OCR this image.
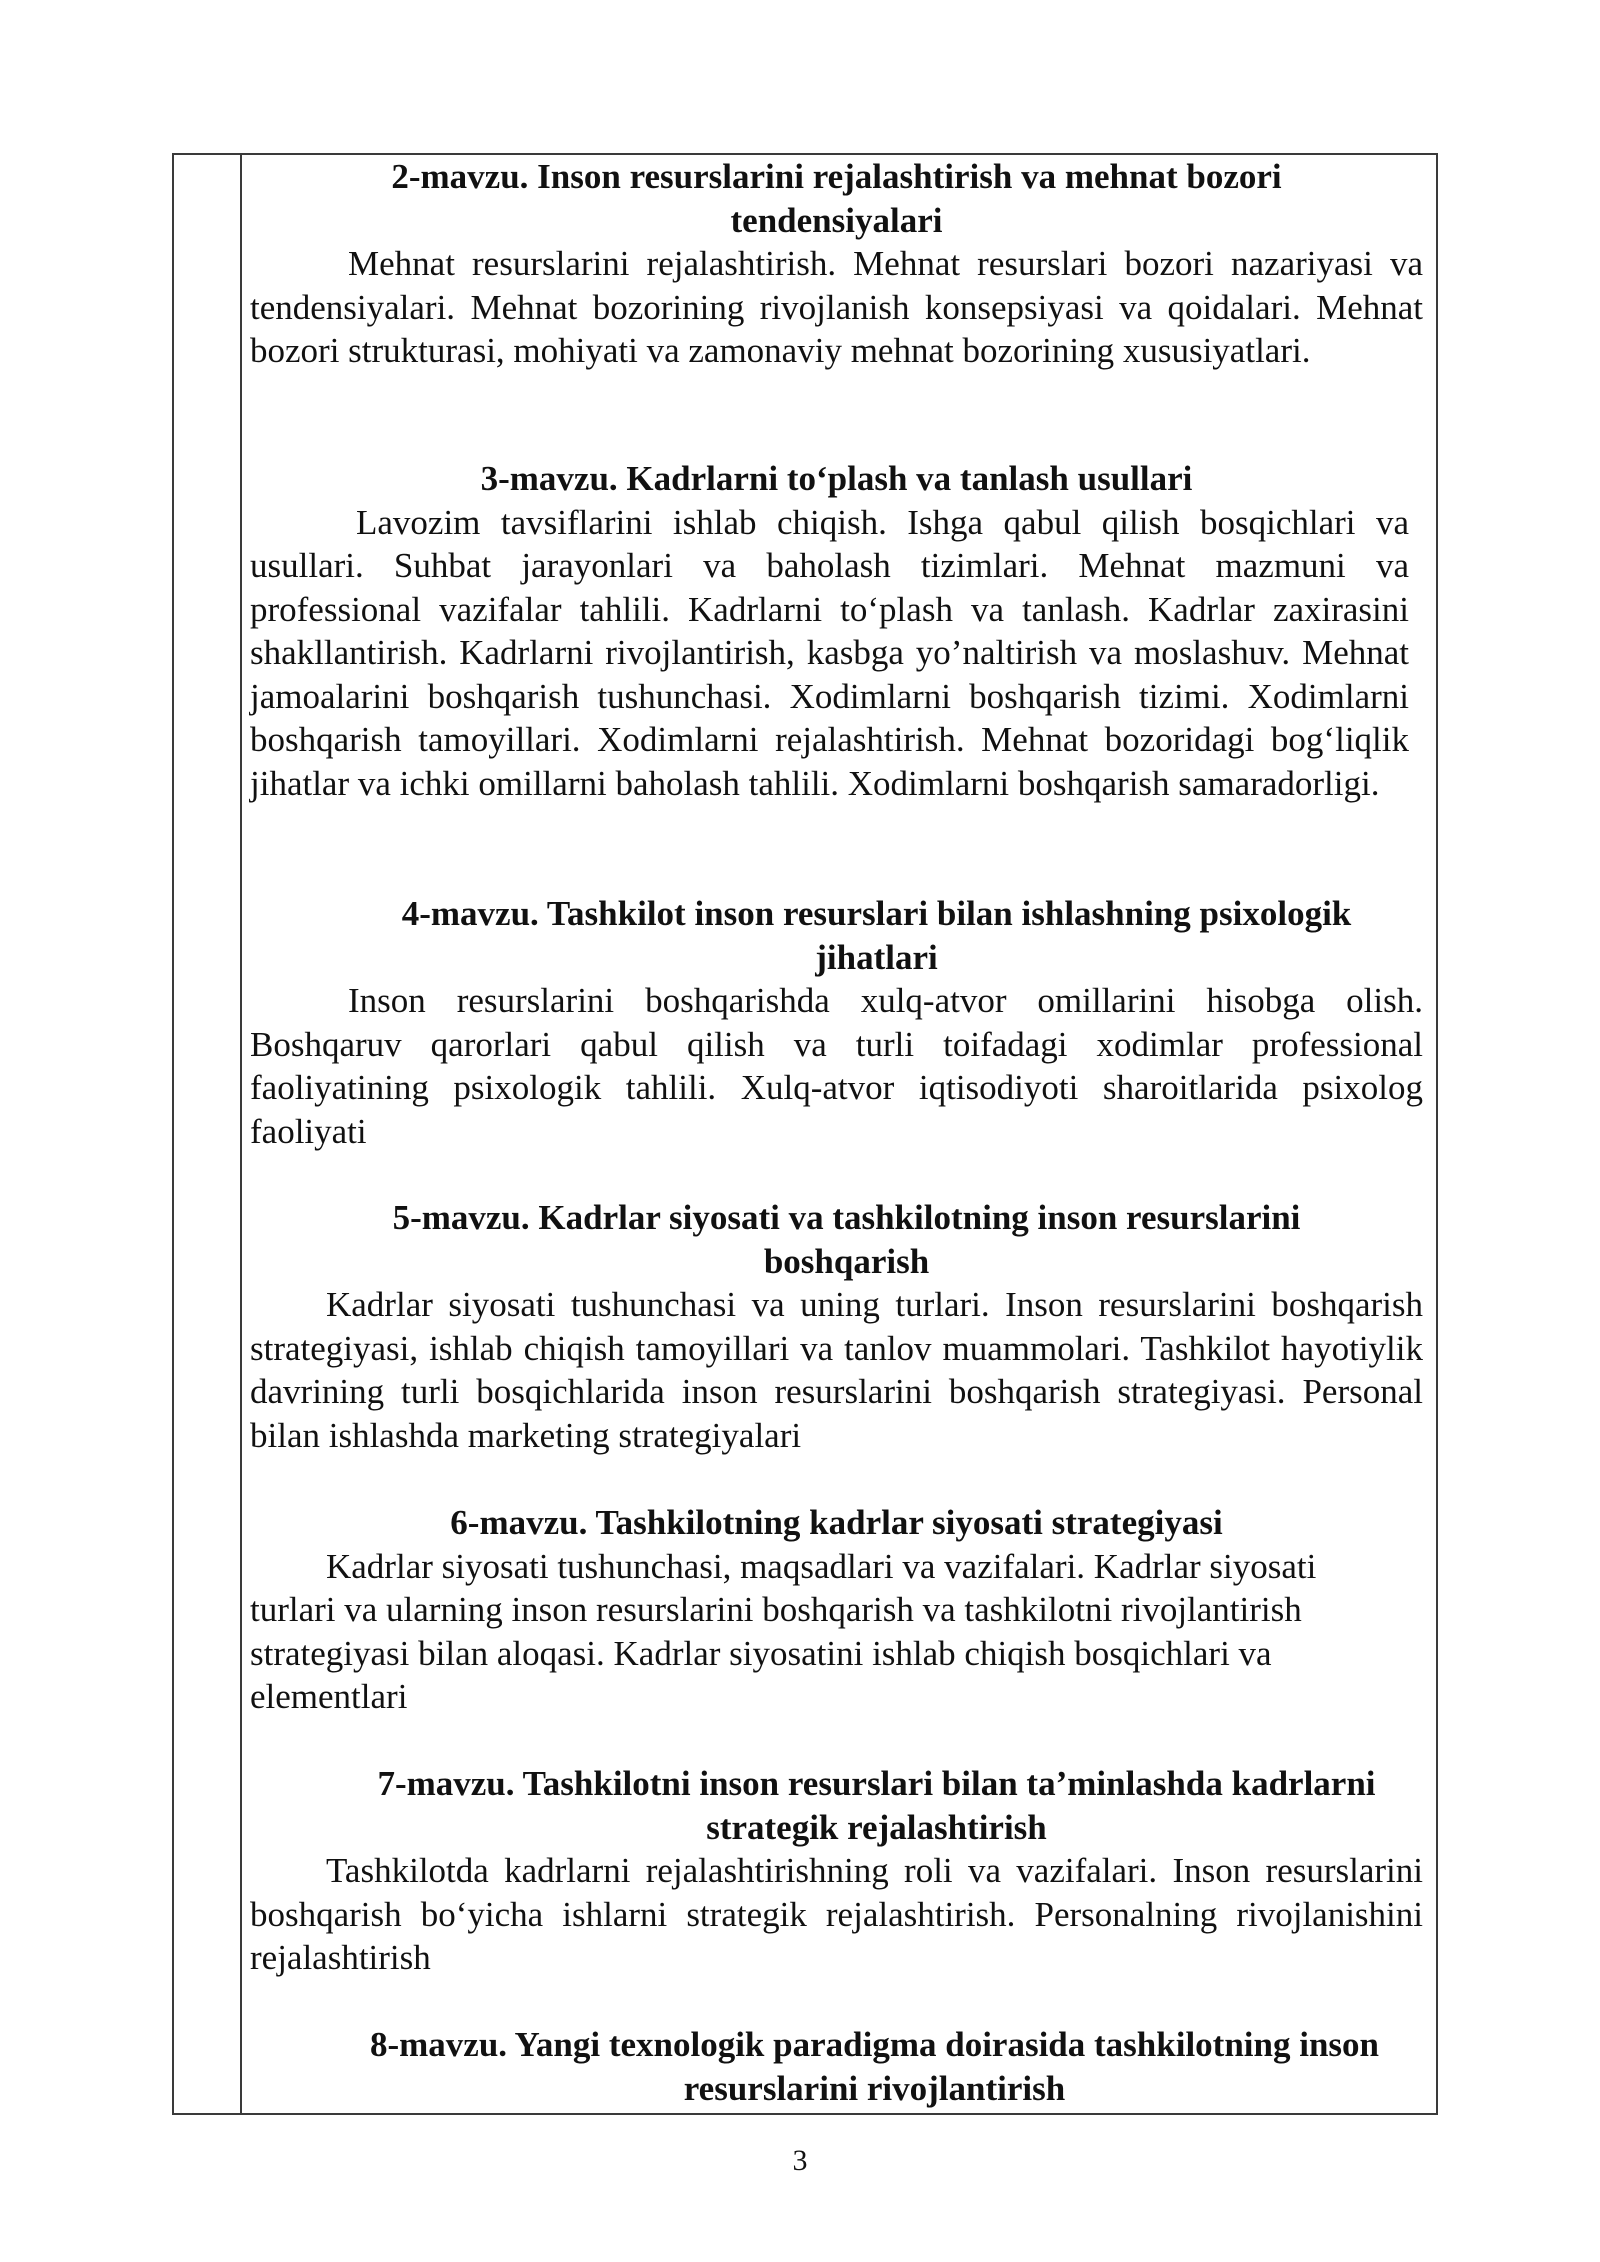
2-mavzu. Inson resurslarini rejalashtirish va mehnat bozori tendensiyalari

Mehnat resurslarini rejalashtirish. Mehnat resurslari bozori nazariyasi va tendensiyalari. Mehnat bozorining rivojlanish konsepsiyasi va qoidalari. Mehnat bozori strukturasi, mohiyati va zamonaviy mehnat bozorining xususiyatlari.

3-mavzu. Kadrlarni to‘plash va tanlash usullari

Lavozim tavsiflarini ishlab chiqish. Ishga qabul qilish bosqichlari va usullari. Suhbat jarayonlari va baholash tizimlari. Mehnat mazmuni va professional vazifalar tahlili. Kadrlarni to‘plash va tanlash. Kadrlar zaxirasini shakllantirish. Kadrlarni rivojlantirish, kasbga yo’naltirish va moslashuv. Mehnat jamoalarini boshqarish tushunchasi. Xodimlarni boshqarish tizimi. Xodimlarni boshqarish tamoyillari. Xodimlarni rejalashtirish. Mehnat bozoridagi bog‘liqlik jihatlar va ichki omillarni baholash tahlili. Xodimlarni boshqarish samaradorligi.

4-mavzu. Tashkilot inson resurslari bilan ishlashning psixologik jihatlari

Inson resurslarini boshqarishda xulq-atvor omillarini hisobga olish. Boshqaruv qarorlari qabul qilish va turli toifadagi xodimlar professional faoliyatining psixologik tahlili. Xulq-atvor iqtisodiyoti sharoitlarida psixolog faoliyati

5-mavzu. Kadrlar siyosati va tashkilotning inson resurslarini boshqarish

Kadrlar siyosati tushunchasi va uning turlari. Inson resurslarini boshqarish strategiyasi, ishlab chiqish tamoyillari va tanlov muammolari. Tashkilot hayotiylik davrining turli bosqichlarida inson resurslarini boshqarish strategiyasi. Personal bilan ishlashda marketing strategiyalari

6-mavzu. Tashkilotning kadrlar siyosati strategiyasi

Kadrlar siyosati tushunchasi, maqsadlari va vazifalari. Kadrlar siyosati turlari va ularning inson resurslarini boshqarish va tashkilotni rivojlantirish strategiyasi bilan aloqasi. Kadrlar siyosatini ishlab chiqish bosqichlari va elementlari

7-mavzu. Tashkilotni inson resurslari bilan ta’minlashda kadrlarni strategik rejalashtirish

Tashkilotda kadrlarni rejalashtirishning roli va vazifalari. Inson resurslarini boshqarish bo‘yicha ishlarni strategik rejalashtirish. Personalning rivojlanishini rejalashtirish

8-mavzu. Yangi texnologik paradigma doirasida tashkilotning inson resurslarini rivojlantirish

3
